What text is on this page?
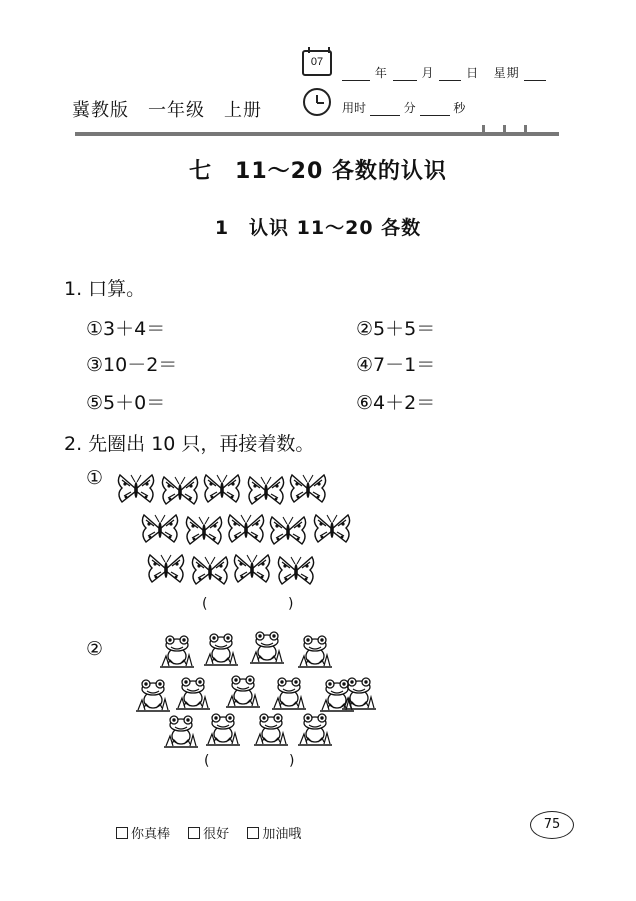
07
年	月	日 星期
用时	分	秒
冀教版　一年级　上册
七　11～20 各数的认识
1　认识 11～20 各数
1. 口算。
①3＋4＝	②5＋5＝
③10－2＝	④7－1＝
⑤5＋0＝	⑥4＋2＝
2. 先圈出 10 只，再接着数。
①
②
(	)
(	)
你真棒	很好	加油哦
75
